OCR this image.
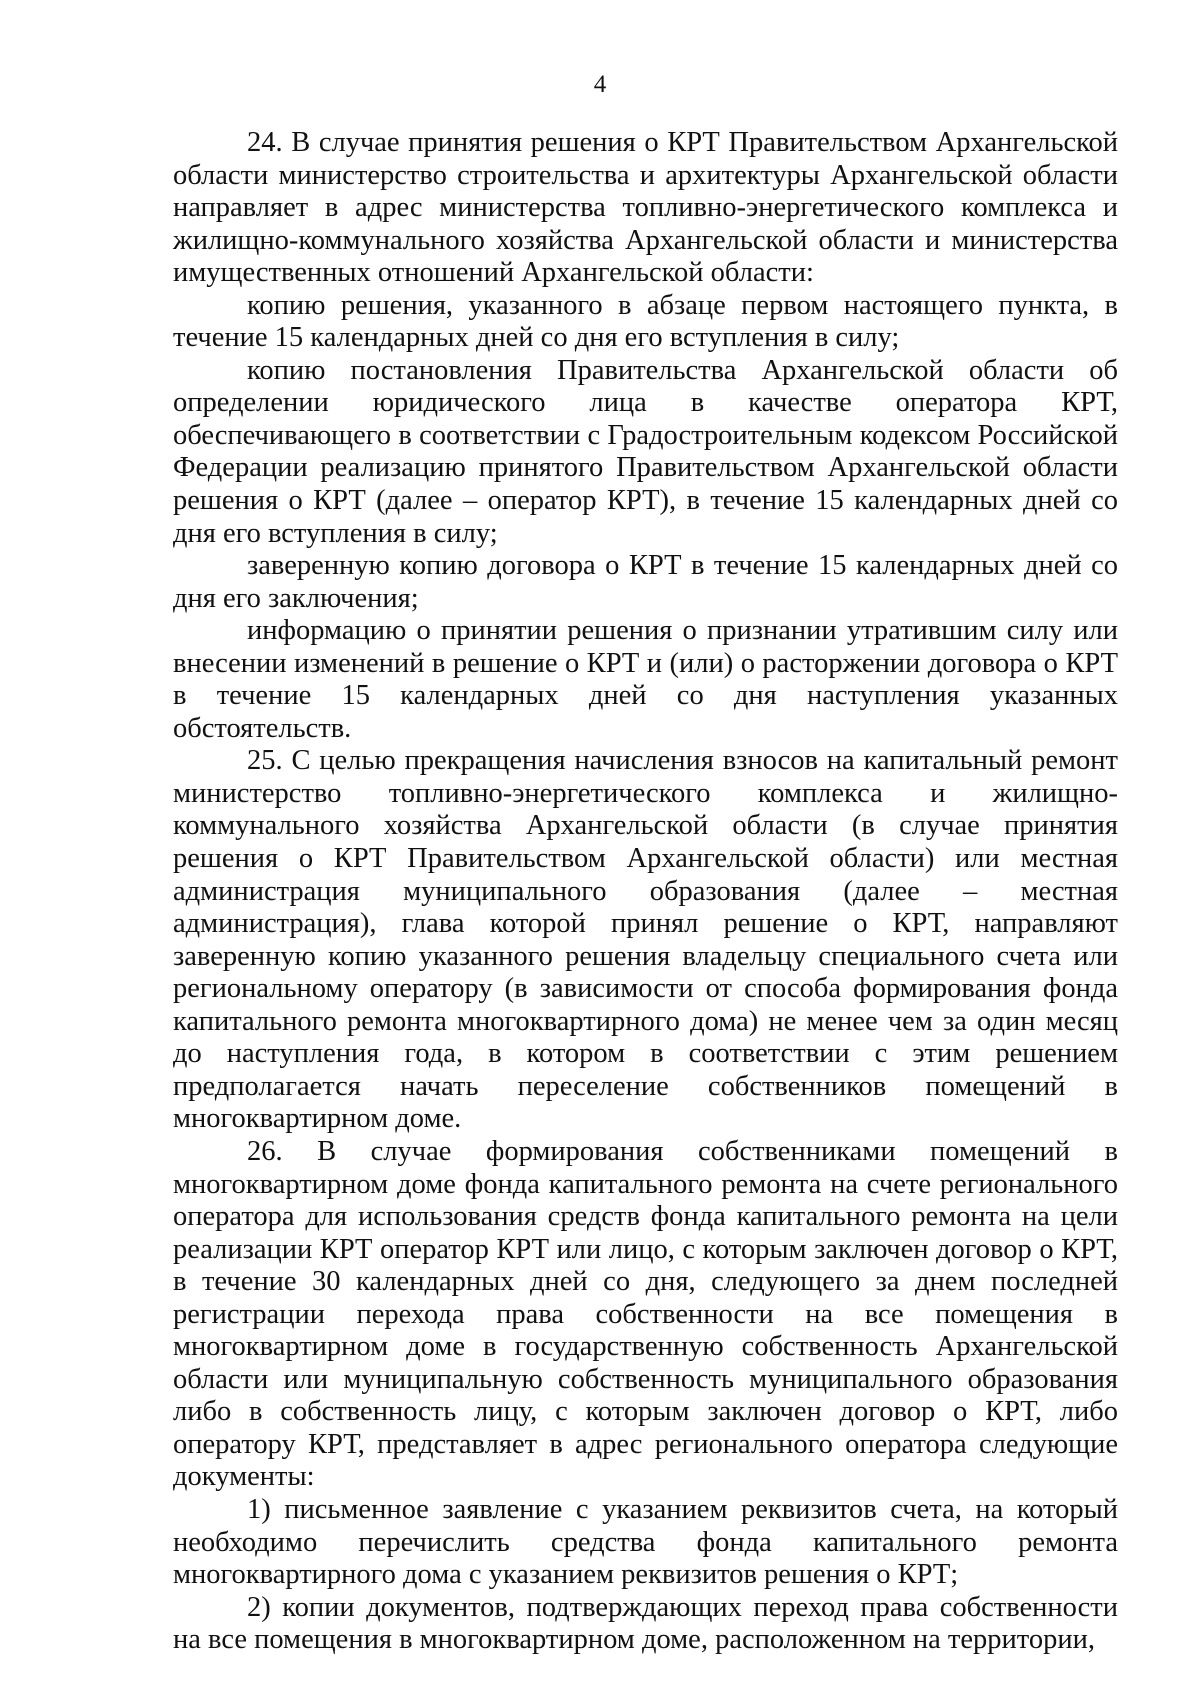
4

24. В случае принятия решения о КРТ Правительством Архангельской области министерство строительства и архитектуры Архангельской области направляет в адрес министерства топливно-энергетического комплекса и жилищно-коммунального хозяйства Архангельской области и министерства имущественных отношений Архангельской области:

копию решения, указанного в абзаце первом настоящего пункта, в течение 15 календарных дней со дня его вступления в силу;

копию постановления Правительства Архангельской области об определении юридического лица в качестве оператора КРТ, обеспечивающего в соответствии с Градостроительным кодексом Российской Федерации реализацию принятого Правительством Архангельской области решения о КРТ (далее – оператор КРТ), в течение 15 календарных дней со дня его вступления в силу;

заверенную копию договора о КРТ в течение 15 календарных дней со дня его заключения;

информацию о принятии решения о признании утратившим силу или внесении изменений в решение о КРТ и (или) о расторжении договора о КРТ в течение 15 календарных дней со дня наступления указанных обстоятельств.

25. С целью прекращения начисления взносов на капитальный ремонт министерство топливно-энергетического комплекса и жилищно-коммунального хозяйства Архангельской области (в случае принятия решения о КРТ Правительством Архангельской области) или местная администрация муниципального образования (далее – местная администрация), глава которой принял решение о КРТ, направляют заверенную копию указанного решения владельцу специального счета или региональному оператору (в зависимости от способа формирования фонда капитального ремонта многоквартирного дома) не менее чем за один месяц до наступления года, в котором в соответствии с этим решением предполагается начать переселение собственников помещений в многоквартирном доме.

26. В случае формирования собственниками помещений в многоквартирном доме фонда капитального ремонта на счете регионального оператора для использования средств фонда капитального ремонта на цели реализации КРТ оператор КРТ или лицо, с которым заключен договор о КРТ, в течение 30 календарных дней со дня, следующего за днем последней регистрации перехода права собственности на все помещения в многоквартирном доме в государственную собственность Архангельской области или муниципальную собственность муниципального образования либо в собственность лицу, с которым заключен договор о КРТ, либо оператору КРТ, представляет в адрес регионального оператора следующие документы:

1) письменное заявление с указанием реквизитов счета, на который необходимо перечислить средства фонда капитального ремонта многоквартирного дома с указанием реквизитов решения о КРТ;

2) копии документов, подтверждающих переход права собственности на все помещения в многоквартирном доме, расположенном на территории,
